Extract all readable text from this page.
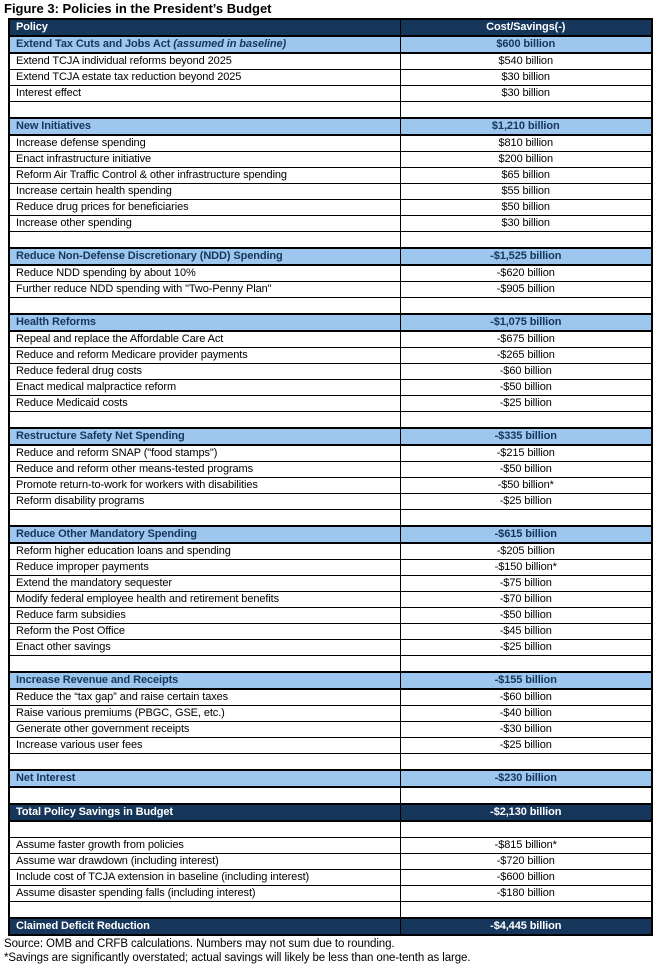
Figure 3: Policies in the President’s Budget
Policy	Cost/Savings(-)
Extend Tax Cuts and Jobs Act (assumed in baseline)	$600 billion
Extend TCJA individual reforms beyond 2025	$540 billion
Extend TCJA estate tax reduction beyond 2025	$30 billion
Interest effect	$30 billion

New Initiatives	$1,210 billion
Increase defense spending	$810 billion
Enact infrastructure initiative	$200 billion
Reform Air Traffic Control & other infrastructure spending	$65 billion
Increase certain health spending	$55 billion
Reduce drug prices for beneficiaries	$50 billion
Increase other spending	$30 billion

Reduce Non-Defense Discretionary (NDD) Spending	-$1,525 billion
Reduce NDD spending by about 10%	-$620 billion
Further reduce NDD spending with "Two-Penny Plan"	-$905 billion

Health Reforms	-$1,075 billion
Repeal and replace the Affordable Care Act	-$675 billion
Reduce and reform Medicare provider payments	-$265 billion
Reduce federal drug costs	-$60 billion
Enact medical malpractice reform	-$50 billion
Reduce Medicaid costs	-$25 billion

Restructure Safety Net Spending	-$335 billion
Reduce and reform SNAP ("food stamps")	-$215 billion
Reduce and reform other means-tested programs	-$50 billion
Promote return-to-work for workers with disabilities	-$50 billion*
Reform disability programs	-$25 billion

Reduce Other Mandatory Spending	-$615 billion
Reform higher education loans and spending	-$205 billion
Reduce improper payments	-$150 billion*
Extend the mandatory sequester	-$75 billion
Modify federal employee health and retirement benefits	-$70 billion
Reduce farm subsidies	-$50 billion
Reform the Post Office	-$45 billion
Enact other savings	-$25 billion

Increase Revenue and Receipts	-$155 billion
Reduce the “tax gap” and raise certain taxes	-$60 billion
Raise various premiums (PBGC, GSE, etc.)	-$40 billion
Generate other government receipts	-$30 billion
Increase various user fees	-$25 billion

Net Interest	-$230 billion

Total Policy Savings in Budget	-$2,130 billion

Assume faster growth from policies	-$815 billion*
Assume war drawdown (including interest)	-$720 billion
Include cost of TCJA extension in baseline (including interest)	-$600 billion
Assume disaster spending falls (including interest)	-$180 billion

Claimed Deficit Reduction	-$4,445 billion
Source: OMB and CRFB calculations. Numbers may not sum due to rounding.
*Savings are significantly overstated; actual savings will likely be less than one-tenth as large.
